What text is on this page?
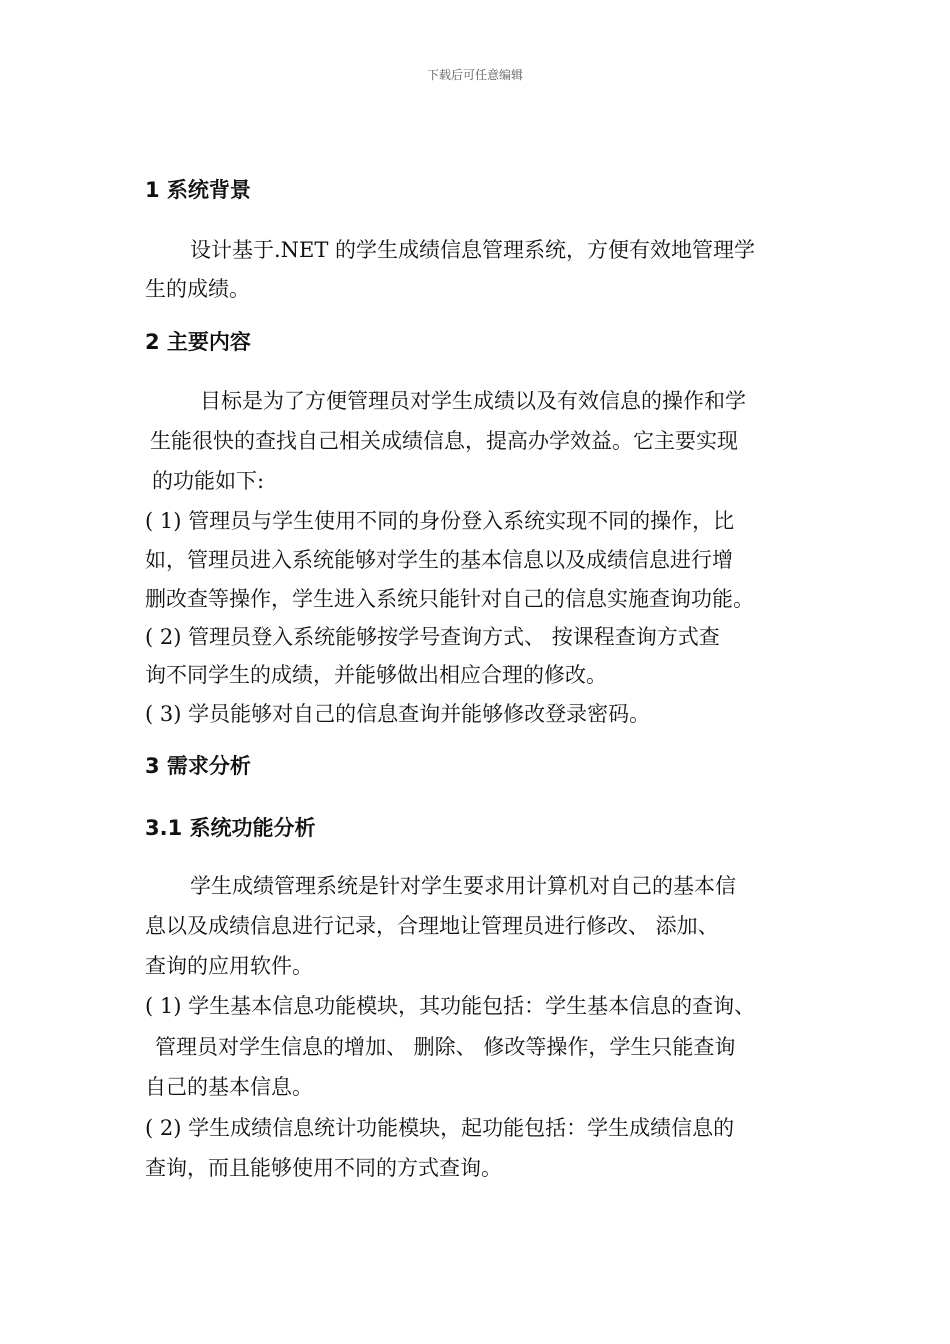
下载后可任意编辑
1 系统背景
设计基于.NET 的学生成绩信息管理系统，方便有效地管理学
生的成绩。
2 主要内容
目标是为了方便管理员对学生成绩以及有效信息的操作和学
生能很快的查找自己相关成绩信息，提高办学效益。它主要实现
的功能如下:
( 1) 管理员与学生使用不同的身份登入系统实现不同的操作，比
如，管理员进入系统能够对学生的基本信息以及成绩信息进行增
删改查等操作，学生进入系统只能针对自己的信息实施查询功能。
( 2) 管理员登入系统能够按学号查询方式、 按课程查询方式查
询不同学生的成绩，并能够做出相应合理的修改。
( 3) 学员能够对自己的信息查询并能够修改登录密码。
3 需求分析
3.1 系统功能分析
学生成绩管理系统是针对学生要求用计算机对自己的基本信
息以及成绩信息进行记录，合理地让管理员进行修改、 添加、
查询的应用软件。
( 1) 学生基本信息功能模块，其功能包括：学生基本信息的查询、
管理员对学生信息的增加、 删除、 修改等操作，学生只能查询
自己的基本信息。
( 2) 学生成绩信息统计功能模块，起功能包括：学生成绩信息的
查询，而且能够使用不同的方式查询。
